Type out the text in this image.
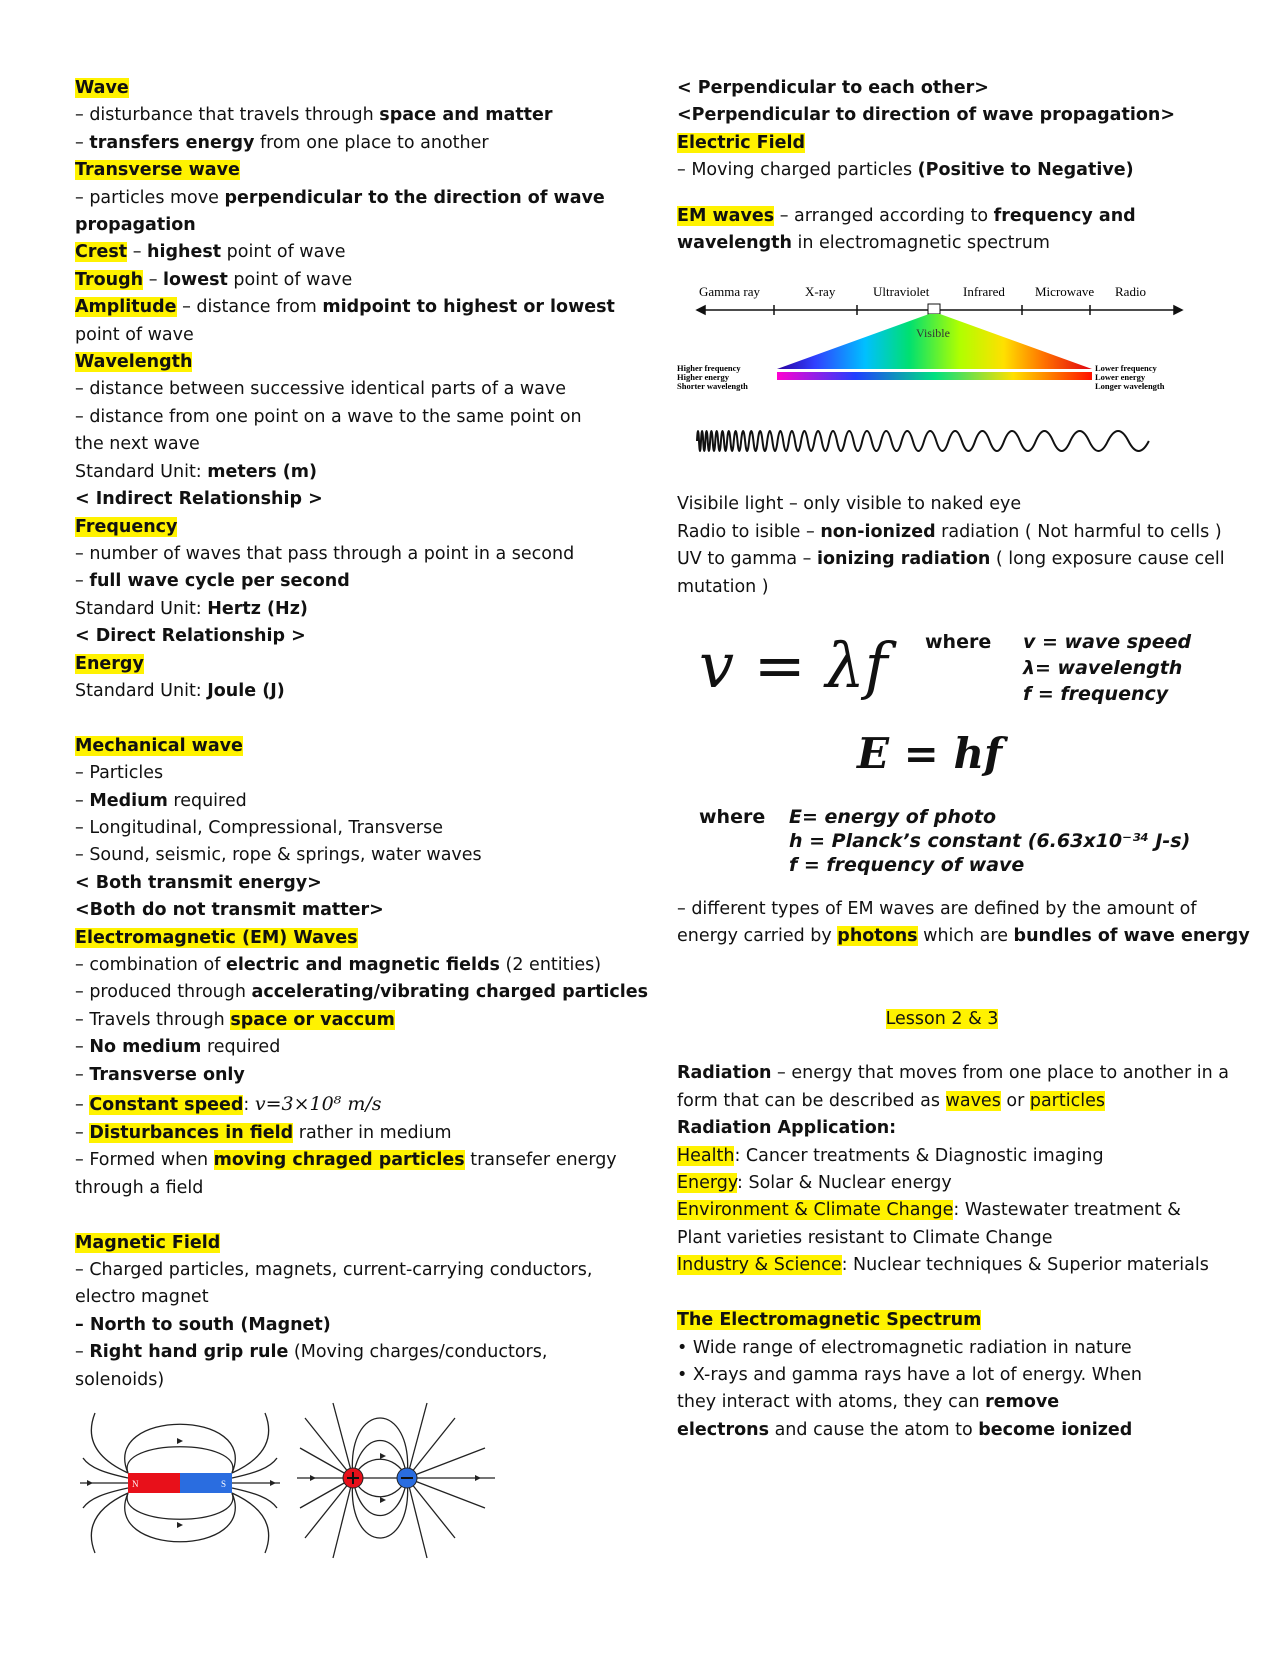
Wave
– disturbance that travels through space and matter
– transfers energy from one place to another
Transverse wave
– particles move perpendicular to the direction of wave
propagation
Crest – highest point of wave
Trough – lowest point of wave
Amplitude – distance from midpoint to highest or lowest
point of wave
Wavelength
– distance between successive identical parts of a wave
– distance from one point on a wave to the same point on
the next wave
Standard Unit: meters (m)
< Indirect Relationship >
Frequency
– number of waves that pass through a point in a second
– full wave cycle per second
Standard Unit: Hertz (Hz)
< Direct Relationship >
Energy
Standard Unit: Joule (J)
Mechanical wave
– Particles
– Medium required
– Longitudinal, Compressional, Transverse
– Sound, seismic, rope & springs, water waves
< Both transmit energy>
<Both do not transmit matter>
Electromagnetic (EM) Waves
– combination of electric and magnetic fields (2 entities)
– produced through accelerating/vibrating charged particles
– Travels through space or vaccum
– No medium required
– Transverse only
– Constant speed: v=3×10⁸ m/s
– Disturbances in field rather in medium
– Formed when moving chraged particles transefer energy
through a field
Magnetic Field
– Charged particles, magnets, current-carrying conductors,
electro magnet
– North to south (Magnet)
– Right hand grip rule (Moving charges/conductors,
solenoids)
N	S
< Perpendicular to each other>
<Perpendicular to direction of wave propagation>
Electric Field
– Moving charged particles (Positive to Negative)
EM waves – arranged according to frequency and
wavelength in electromagnetic spectrum
Gamma ray	X-ray	Ultraviolet	Infrared Microwave Radio
Visible
Higher frequency
Higher energy
Shorter wavelength
Lower frequency
Lower energy
Longer wavelength
Visibile light – only visible to naked eye
Radio to isible – non-ionized radiation ( Not harmful to cells )
UV to gamma – ionizing radiation ( long exposure cause cell
mutation )
v = λf where v = wave speed
λ= wavelength
f = frequency
E = hf
where E= energy of photo
h = Planck’s constant (6.63x10⁻³⁴ J-s)
f = frequency of wave
– different types of EM waves are defined by the amount of
energy carried by photons which are bundles of wave energy
Lesson 2 & 3
Radiation – energy that moves from one place to another in a
form that can be described as waves or particles
Radiation Application:
Health: Cancer treatments & Diagnostic imaging
Energy: Solar & Nuclear energy
Environment & Climate Change: Wastewater treatment &
Plant varieties resistant to Climate Change
Industry & Science: Nuclear techniques & Superior materials
The Electromagnetic Spectrum
• Wide range of electromagnetic radiation in nature
• X-rays and gamma rays have a lot of energy. When
they interact with atoms, they can remove
electrons and cause the atom to become ionized
